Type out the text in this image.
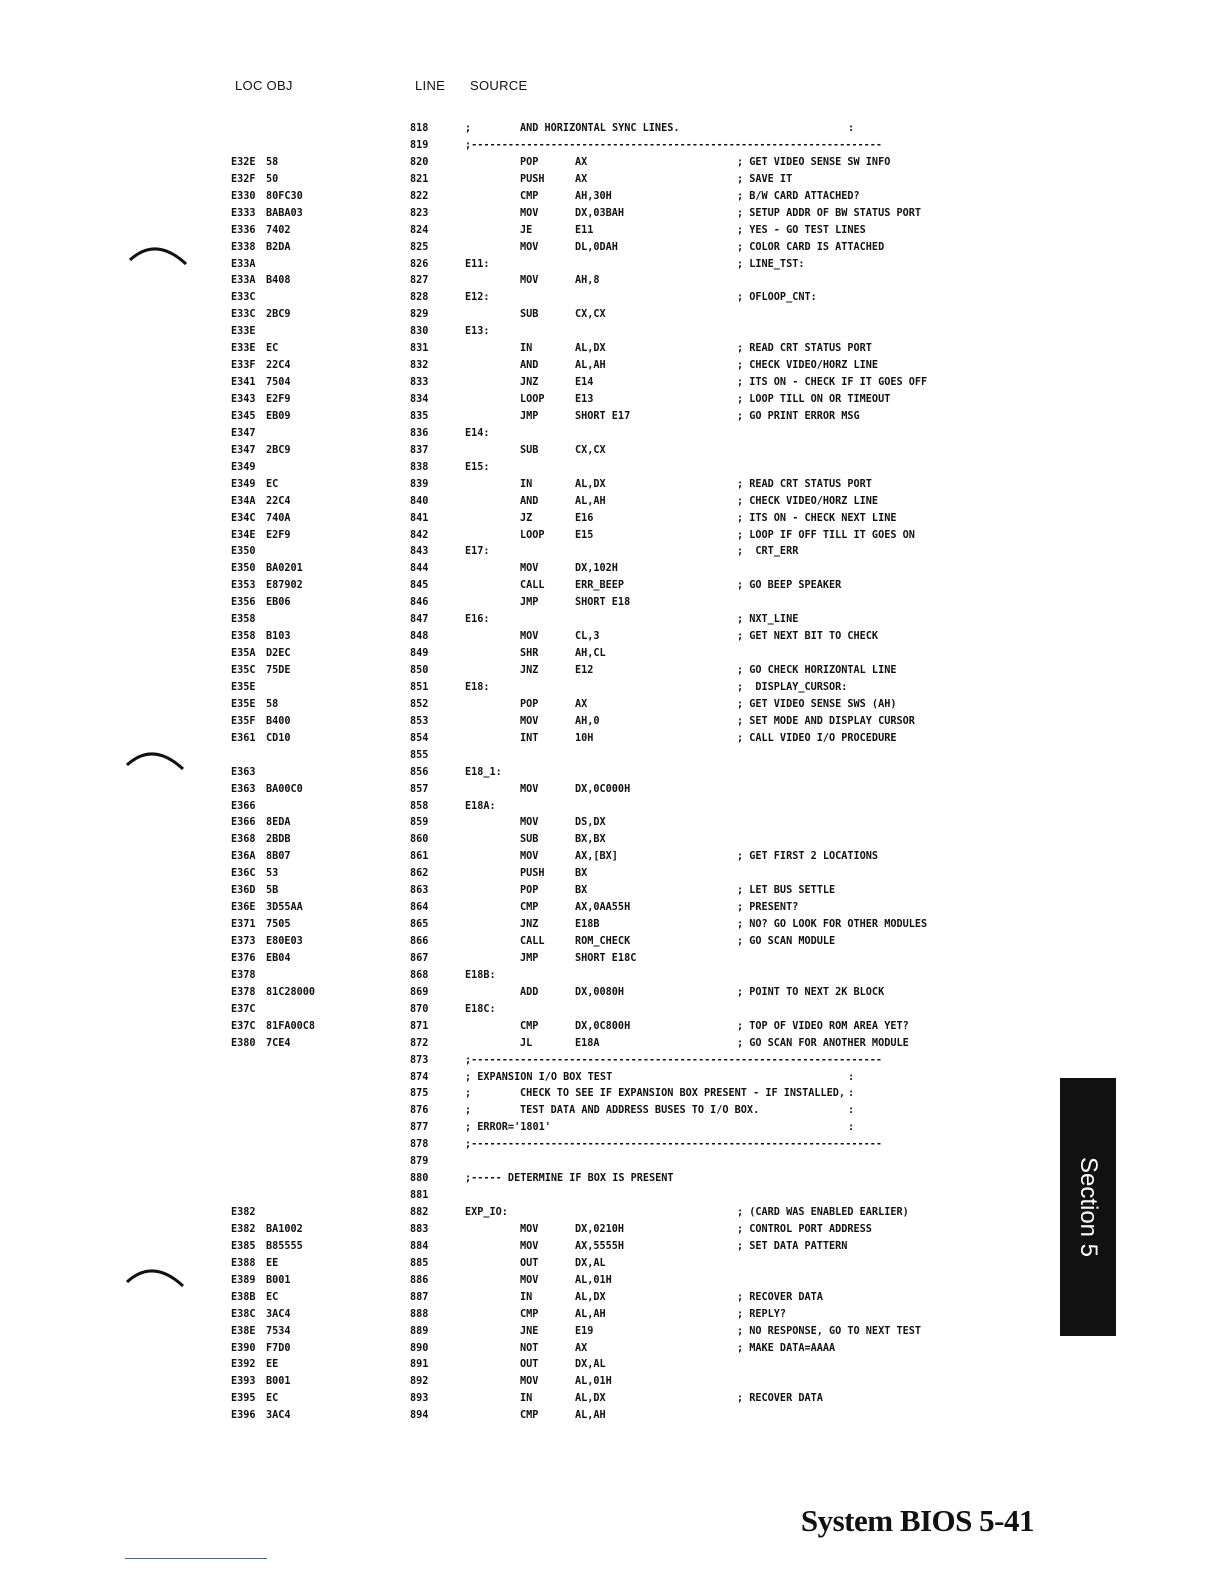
LOC OBJ	LINE SOURCE
818	;	AND HORIZONTAL SYNC LINES.	:
819	;-------------------------------------------------------------------
E32E 58	820	POP	AX	; GET VIDEO SENSE SW INFO
E32F 50	821	PUSH	AX	; SAVE IT
E330 80FC30	822	CMP	AH,30H	; B/W CARD ATTACHED?
E333 BABA03	823	MOV	DX,03BAH	; SETUP ADDR OF BW STATUS PORT
E336 7402	824	JE	E11	; YES - GO TEST LINES
E338 B2DA	825	MOV	DL,0DAH	; COLOR CARD IS ATTACHED
E33A	826	E11:	; LINE_TST:
E33A B408	827	MOV	AH,8
E33C	828	E12:	; OFLOOP_CNT:
E33C 2BC9	829	SUB	CX,CX
E33E	830	E13:
E33E EC	831	IN	AL,DX	; READ CRT STATUS PORT
E33F 22C4	832	AND	AL,AH	; CHECK VIDEO/HORZ LINE
E341 7504	833	JNZ	E14	; ITS ON - CHECK IF IT GOES OFF
E343 E2F9	834	LOOP	E13	; LOOP TILL ON OR TIMEOUT
E345 EB09	835	JMP	SHORT E17	; GO PRINT ERROR MSG
E347	836	E14:
E347 2BC9	837	SUB	CX,CX
E349	838	E15:
E349 EC	839	IN	AL,DX	; READ CRT STATUS PORT
E34A 22C4	840	AND	AL,AH	; CHECK VIDEO/HORZ LINE
E34C 740A	841	JZ	E16	; ITS ON - CHECK NEXT LINE
E34E E2F9	842	LOOP	E15	; LOOP IF OFF TILL IT GOES ON
E350	843	E17:	;  CRT_ERR
E350 BA0201	844	MOV	DX,102H
E353 E87902	845	CALL	ERR_BEEP	; GO BEEP SPEAKER
E356 EB06	846	JMP	SHORT E18
E358	847	E16:	; NXT_LINE
E358 B103	848	MOV	CL,3	; GET NEXT BIT TO CHECK
E35A D2EC	849	SHR	AH,CL
E35C 75DE	850	JNZ	E12	; GO CHECK HORIZONTAL LINE
E35E	851	E18:	;  DISPLAY_CURSOR:
E35E 58	852	POP	AX	; GET VIDEO SENSE SWS (AH)
E35F B400	853	MOV	AH,0	; SET MODE AND DISPLAY CURSOR
E361 CD10	854	INT	10H	; CALL VIDEO I/O PROCEDURE
855
E363	856	E18_1:
E363 BA00C0	857	MOV	DX,0C000H
E366	858	E18A:
E366 8EDA	859	MOV	DS,DX
E368 2BDB	860	SUB	BX,BX
E36A 8B07	861	MOV	AX,[BX]	; GET FIRST 2 LOCATIONS
E36C 53	862	PUSH	BX
E36D 5B	863	POP	BX	; LET BUS SETTLE
E36E 3D55AA	864	CMP	AX,0AA55H	; PRESENT?
E371 7505	865	JNZ	E18B	; NO? GO LOOK FOR OTHER MODULES
E373 E80E03	866	CALL	ROM_CHECK	; GO SCAN MODULE
E376 EB04	867	JMP	SHORT E18C
E378	868	E18B:
E378 81C28000	869	ADD	DX,0080H	; POINT TO NEXT 2K BLOCK
E37C	870	E18C:
E37C 81FA00C8	871	CMP	DX,0C800H	; TOP OF VIDEO ROM AREA YET?
E380 7CE4	872	JL	E18A	; GO SCAN FOR ANOTHER MODULE
873	;-------------------------------------------------------------------
874	; EXPANSION I/O BOX TEST	:
875	;	CHECK TO SEE IF EXPANSION BOX PRESENT - IF INSTALLED, :
876	;	TEST DATA AND ADDRESS BUSES TO I/O BOX.	:
877	; ERROR='1801'	:
878	;-------------------------------------------------------------------
879
880	;----- DETERMINE IF BOX IS PRESENT
881
E382	882	EXP_IO:	; (CARD WAS ENABLED EARLIER)
E382 BA1002	883	MOV	DX,0210H	; CONTROL PORT ADDRESS
E385 B85555	884	MOV	AX,5555H	; SET DATA PATTERN
E388 EE	885	OUT	DX,AL
E389 B001	886	MOV	AL,01H
E38B EC	887	IN	AL,DX	; RECOVER DATA
E38C 3AC4	888	CMP	AL,AH	; REPLY?
E38E 7534	889	JNE	E19	; NO RESPONSE, GO TO NEXT TEST
E390 F7D0	890	NOT	AX	; MAKE DATA=AAAA
E392 EE	891	OUT	DX,AL
E393 B001	892	MOV	AL,01H
E395 EC	893	IN	AL,DX	; RECOVER DATA
E396 3AC4	894	CMP	AL,AH
Section 5
System BIOS 5-41
